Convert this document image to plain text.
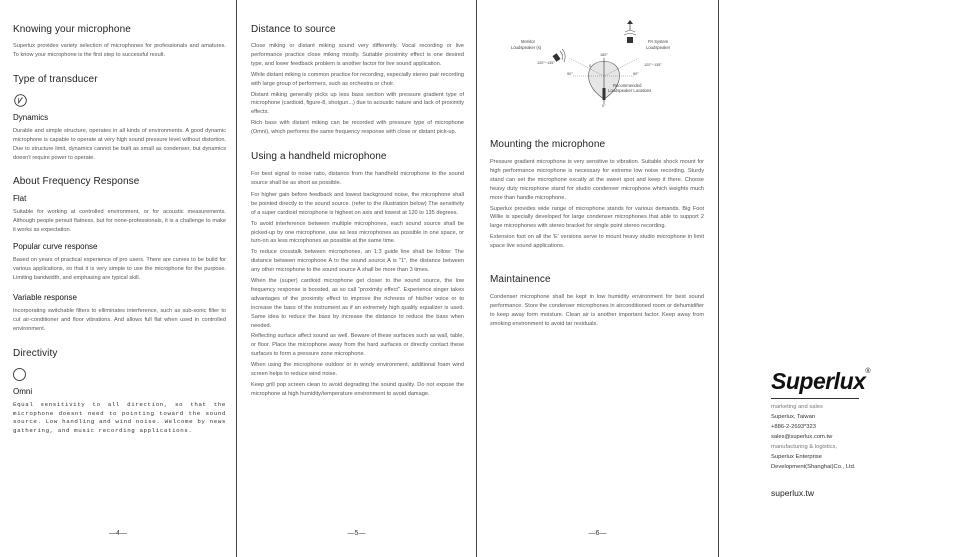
Knowing your microphone

Superlux provides variety selection of microphones for professionals and amatures. To know your microphone is the first step to successful result.

Type of transducer
Dynamics

Durable and simple structure, operates in all kinds of environments. A good dynamic microphone is capable to operate at very high sound pressure level without distortion. Due to structure limit, dynamics cannot be built as small as condenser, but dynamics doesn't require power to operate.

About Frequency Response
Flat

Suitable for working at controlled environment, or for acoustic measurements. Although people persuit flatness, but for none-professionals, it is a challenge to make it works as expectation.

Popular curve response

Based on years of practical experience of pro users. There are curves to be build for various applications, so that it is very simple to use the microphone for the purpose. Limiting bandwidth, and emphasing are typical skill.

Variable response

Incorporating switchable filters to elliminates interference, such as sub-sonic filter to cut air-conditioner and floor vibrations. And allows full flat when used in controlled environment.

Directivity
Omni

Equal sensitivity to all direction, so that the microphone doesnt need to pointing toward the sound source. Low handling and wind noise. Welcome by news gathering, and music recording applications.

—4—
Distance to source

Close miking or distant miking sound very differently. Vocal recording or live performance practice close miking mostly. Suitable proximity effect is one desired type, and lower feedback problem is another factor for live sound application.

While distant miking is common practice for recording, especially stereo pair recording with large group of performers, such as orchestra or choir.

Distant miking generally picks up less bass section with pressure gradient type of microphone (cardioid, figure-8, shotgun...) due to acoustic nature and lack of proximity effects.

Rich bass with distant miking can be recorded with pressure type of microphone (Omni), which performs the same frequency response with close or distant pick-up.

Using a handheld microphone

For best signal to noise ratio, distance from the handheld microphone to the sound source shall be as short as possible.

For higher gain before feedback and lowest background noise, the microphone shall be pointed directly to the sound source. (refer to the illustration below) The sensitivity of a super cardioid microphone is highest on axis and lowest at 120 to 135 degrees.

To avoid interference between multiple microphones, each sound source shall be picked-up by one microphone, use as less microphones as possible in one space, or turn-on as less microphones as possible at the same time.

To reduce crosstalk between microphones, an 1:3 guide line shall be follow: The distance between microphone A to the sound source A is "1", the distance between any other microphone to the sound source A shall be more than 3 times.

When the (super) cardioid microphone get closer to the sound source, the low frequency response is boosted, as so call "proximity effect". Experience singer takes advantages of the proximity effect to improve the richness of his/her voice or to increase the bass of the instrument as if an extremely high quality equalizer is used. Same idea to reduce the bass by increase the distance to reduce the bass when needed.

Reflecting surface affect sound as well. Beware of these surfaces such as wall, table, or floor. Place the microphone away from the hard surfaces or directly contact these surfaces to form a pressure zone microphone.

When using the microphone outdoor or in windy environment, additional foam wind screen helps to reduce wind noise.

Keep grill pop screen clean to avoid degrading the sound quality. Do not expose the microphone at high humidity/temperature environment to avoid damage.

—5—
Monitor
Loudspeaker (s)
PA System
Loudspeaker
120°~135°	120°~135°
180°
90°	90°
0
0°
Recommended
Loudspeaker Locations
Mounting the microphone

Pressure gradient microphone is very sensitive to vibration. Suitable shock mount for high performance microphone is necessary for extreme low noise recording. Sturdy stand can set the microphone excatly at the sweet spot and keep it there. Choose heavy duty microphone stand for studio condenser microphone which weights much more than handle microphone.

Superlux provides wide range of microphone stands for various demands. Big Foot Willie is specially developed for large condenser microphones that able to support 2 large microphones with stereo bracket for single point stereo recording.

Extension foot on all the 'E' versions serve to mount heavy studio microphone in limit space live sound applications.

Maintainence

Condenser microphone shall be kept in low humidity environment for best sound performance. Store the condenser microphones in airconditioned room or dehumidifier to keep away form moisture. Clean air is another important factor. Keep away from smoking environment to avoid tar residuals.

—6—
Superlux®
marketing and sales
Superlux, Taiwan
+886-2-2693*323
sales@superlux.com.tw
manufacturing & logistics,
Superlux Enterprise
Development(Shanghai)Co., Ltd.
superlux.tw
